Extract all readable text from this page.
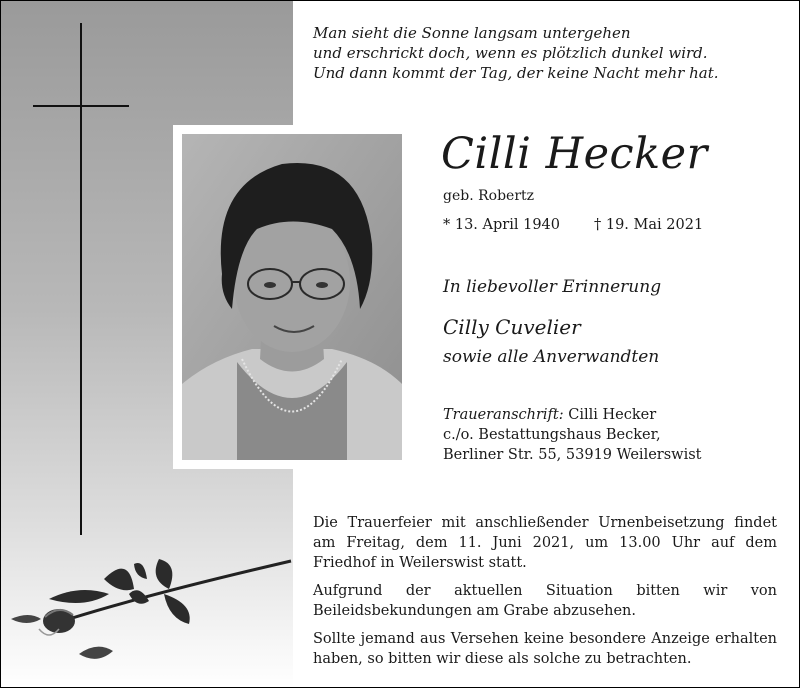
Man sieht die Sonne langsam untergehen
und erschrickt doch, wenn es plötzlich dunkel wird.
Und dann kommt der Tag, der keine Nacht mehr hat.
Cilli Hecker
geb. Robertz
* 13. April 1940 † 19. Mai 2021
In liebevoller Erinnerung
Cilly Cuvelier
sowie alle Anverwandten
Traueranschrift: Cilli Hecker
c./o. Bestattungshaus Becker,
Berliner Str. 55, 53919 Weilerswist
Die Trauerfeier mit anschließender Urnenbeisetzung findet am Freitag, dem 11. Juni 2021, um 13.00 Uhr auf dem Friedhof in Weilerswist statt.
Aufgrund der aktuellen Situation bitten wir von Beileidsbekundungen am Grabe abzusehen.
Sollte jemand aus Versehen keine besondere Anzeige erhalten haben, so bitten wir diese als solche zu betrachten.
